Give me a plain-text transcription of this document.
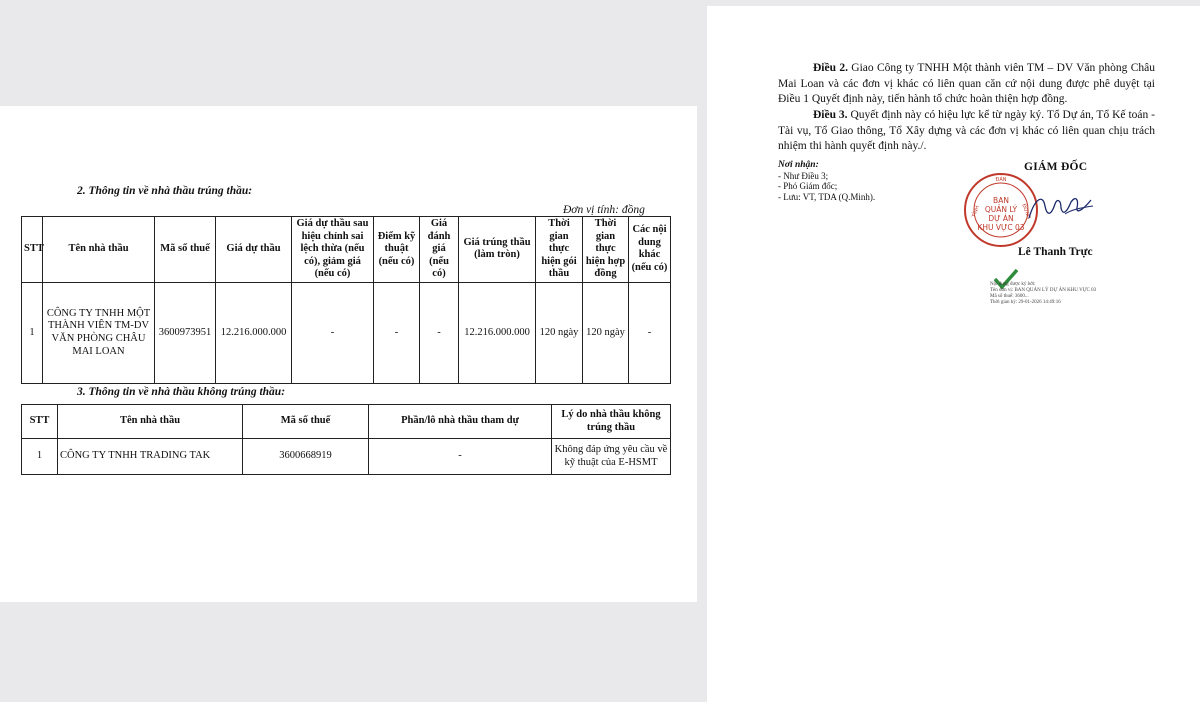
2. Thông tin về nhà thầu trúng thầu:
Đơn vị tính: đồng
STT	Tên nhà thầu	Mã số thuế	Giá dự thầu	Giá dự thầu sau hiệu chỉnh sai lệch thừa (nếu có), giảm giá (nếu có)	Điểm kỹ thuật (nếu có)	Giá đánh giá (nếu có)	Giá trúng thầu (làm tròn)	Thời gian thực hiện gói thầu	Thời gian thực hiện hợp đồng	Các nội dung khác (nếu có)
1	CÔNG TY TNHH MỘT THÀNH VIÊN TM-DV VĂN PHÒNG CHÂU MAI LOAN	3600973951	12.216.000.000	-	-	-	12.216.000.000	120 ngày	120 ngày	-
3. Thông tin về nhà thầu không trúng thầu:
STT	Tên nhà thầu	Mã số thuế	Phần/lô nhà thầu tham dự	Lý do nhà thầu không trúng thầu
1	CÔNG TY TNHH TRADING TAK	3600668919	-	Không đáp ứng yêu cầu về kỹ thuật của E-HSMT
Điều 2. Giao Công ty TNHH Một thành viên TM – DV Văn phòng Châu Mai Loan và các đơn vị khác có liên quan căn cứ nội dung được phê duyệt tại Điều 1 Quyết định này, tiến hành tổ chức hoàn thiện hợp đồng.
Điều 3. Quyết định này có hiệu lực kể từ ngày ký. Tổ Dự án, Tổ Kế toán - Tài vụ, Tổ Giao thông, Tổ Xây dựng và các đơn vị khác có liên quan chịu trách nhiệm thi hành quyết định này./.
Nơi nhận:
- Như Điều 3;
- Phó Giám đốc;
- Lưu: VT, TDA (Q.Minh).
GIÁM ĐỐC
ĐẢN
TỈNH	ĐƠNG
BAN
QUẢN LÝ
DỰ ÁN
KHU VỰC 03
Lê Thanh Trực
Nội dung được ký bởi:
Tên đơn vị: BAN QUẢN LÝ DỰ ÁN KHU VỰC 03
Mã số thuế: 3600...
Thời gian ký: 29-01-2026 14:49:16
